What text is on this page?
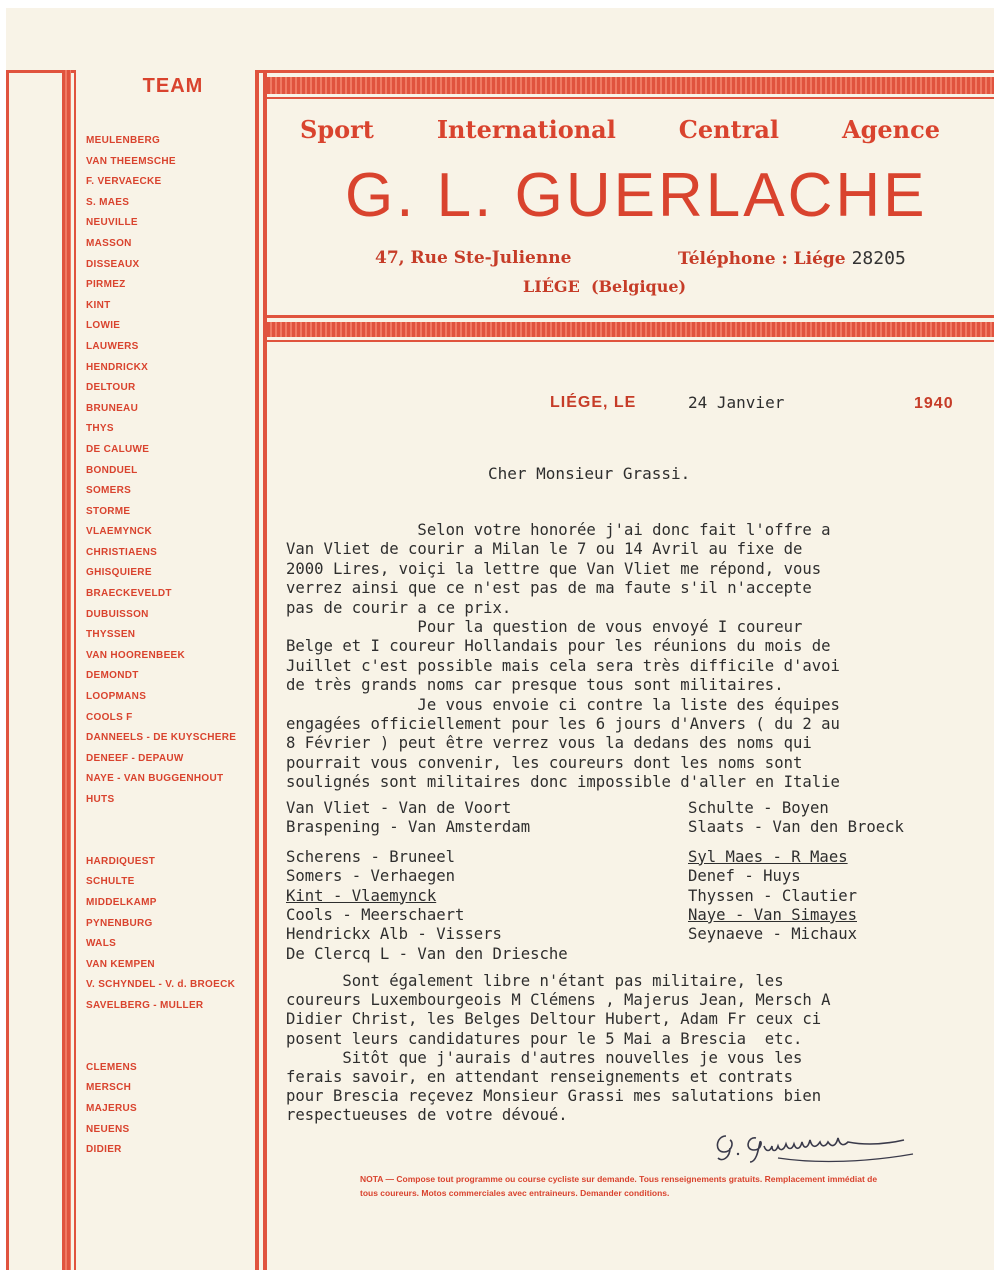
TEAM
MEULENBERG
VAN THEEMSCHE
F. VERVAECKE
S. MAES
NEUVILLE
MASSON
DISSEAUX
PIRMEZ
KINT
LOWIE
LAUWERS
HENDRICKX
DELTOUR
BRUNEAU
THYS
DE CALUWE
BONDUEL
SOMERS
STORME
VLAEMYNCK
CHRISTIAENS
GHISQUIERE
BRAECKEVELDT
DUBUISSON
THYSSEN
VAN HOORENBEEK
DEMONDT
LOOPMANS
COOLS F
DANNEELS - DE KUYSCHERE
DENEEF - DEPAUW
NAYE - VAN BUGGENHOUT
HUTS

HARDIQUEST
SCHULTE
MIDDELKAMP
PYNENBURG
WALS
VAN KEMPEN
V. SCHYNDEL - V. d. BROECK
SAVELBERG - MULLER

CLEMENS
MERSCH
MAJERUS
NEUENS
DIDIER
Sport	International	Central	Agence
G. L. GUERLACHE
47, Rue Ste-Julienne	Téléphone : Liége 28205
LIÉGE (Belgique)
LIÉGE, LE	24 Janvier	1940
Cher Monsieur Grassi.
Selon votre honorée j'ai donc fait l'offre a
Van Vliet de courir a Milan le 7 ou 14 Avril au fixe de
2000 Lires, voiçi la lettre que Van Vliet me répond, vous
verrez ainsi que ce n'est pas de ma faute s'il n'accepte
pas de courir a ce prix.
Pour la question de vous envoyé I coureur
Belge et I coureur Hollandais pour les réunions du mois de
Juillet c'est possible mais cela sera très difficile d'avoi
de très grands noms car presque tous sont militaires.
Je vous envoie ci contre la liste des équipes
engagées officiellement pour les 6 jours d'Anvers ( du 2 au
8 Février ) peut être verrez vous la dedans des noms qui
pourrait vous convenir, les coureurs dont les noms sont
soulignés sont militaires donc impossible d'aller en Italie
Van Vliet - Van de Voort	Schulte - Boyen
Braspening - Van Amsterdam	Slaats - Van den Broeck
Scherens - Bruneel	Syl Maes - R Maes
Somers - Verhaegen	Denef - Huys
Kint - Vlaemynck	Thyssen - Clautier
Cools - Meerschaert	Naye - Van Simayes
Hendrickx Alb - Vissers	Seynaeve - Michaux
De Clercq L - Van den Driesche
Sont également libre n'étant pas militaire, les
coureurs Luxembourgeois M Clémens , Majerus Jean, Mersch A
Didier Christ, les Belges Deltour Hubert, Adam Fr ceux ci
posent leurs candidatures pour le 5 Mai a Brescia  etc.
Sitôt que j'aurais d'autres nouvelles je vous les
ferais savoir, en attendant renseignements et contrats
pour Brescia reçevez Monsieur Grassi mes salutations bien
respectueuses de votre dévoué.
NOTA — Compose tout programme ou course cycliste sur demande. Tous renseignements gratuits. Remplacement immédiat de tous coureurs. Motos commerciales avec entraineurs. Demander conditions.
